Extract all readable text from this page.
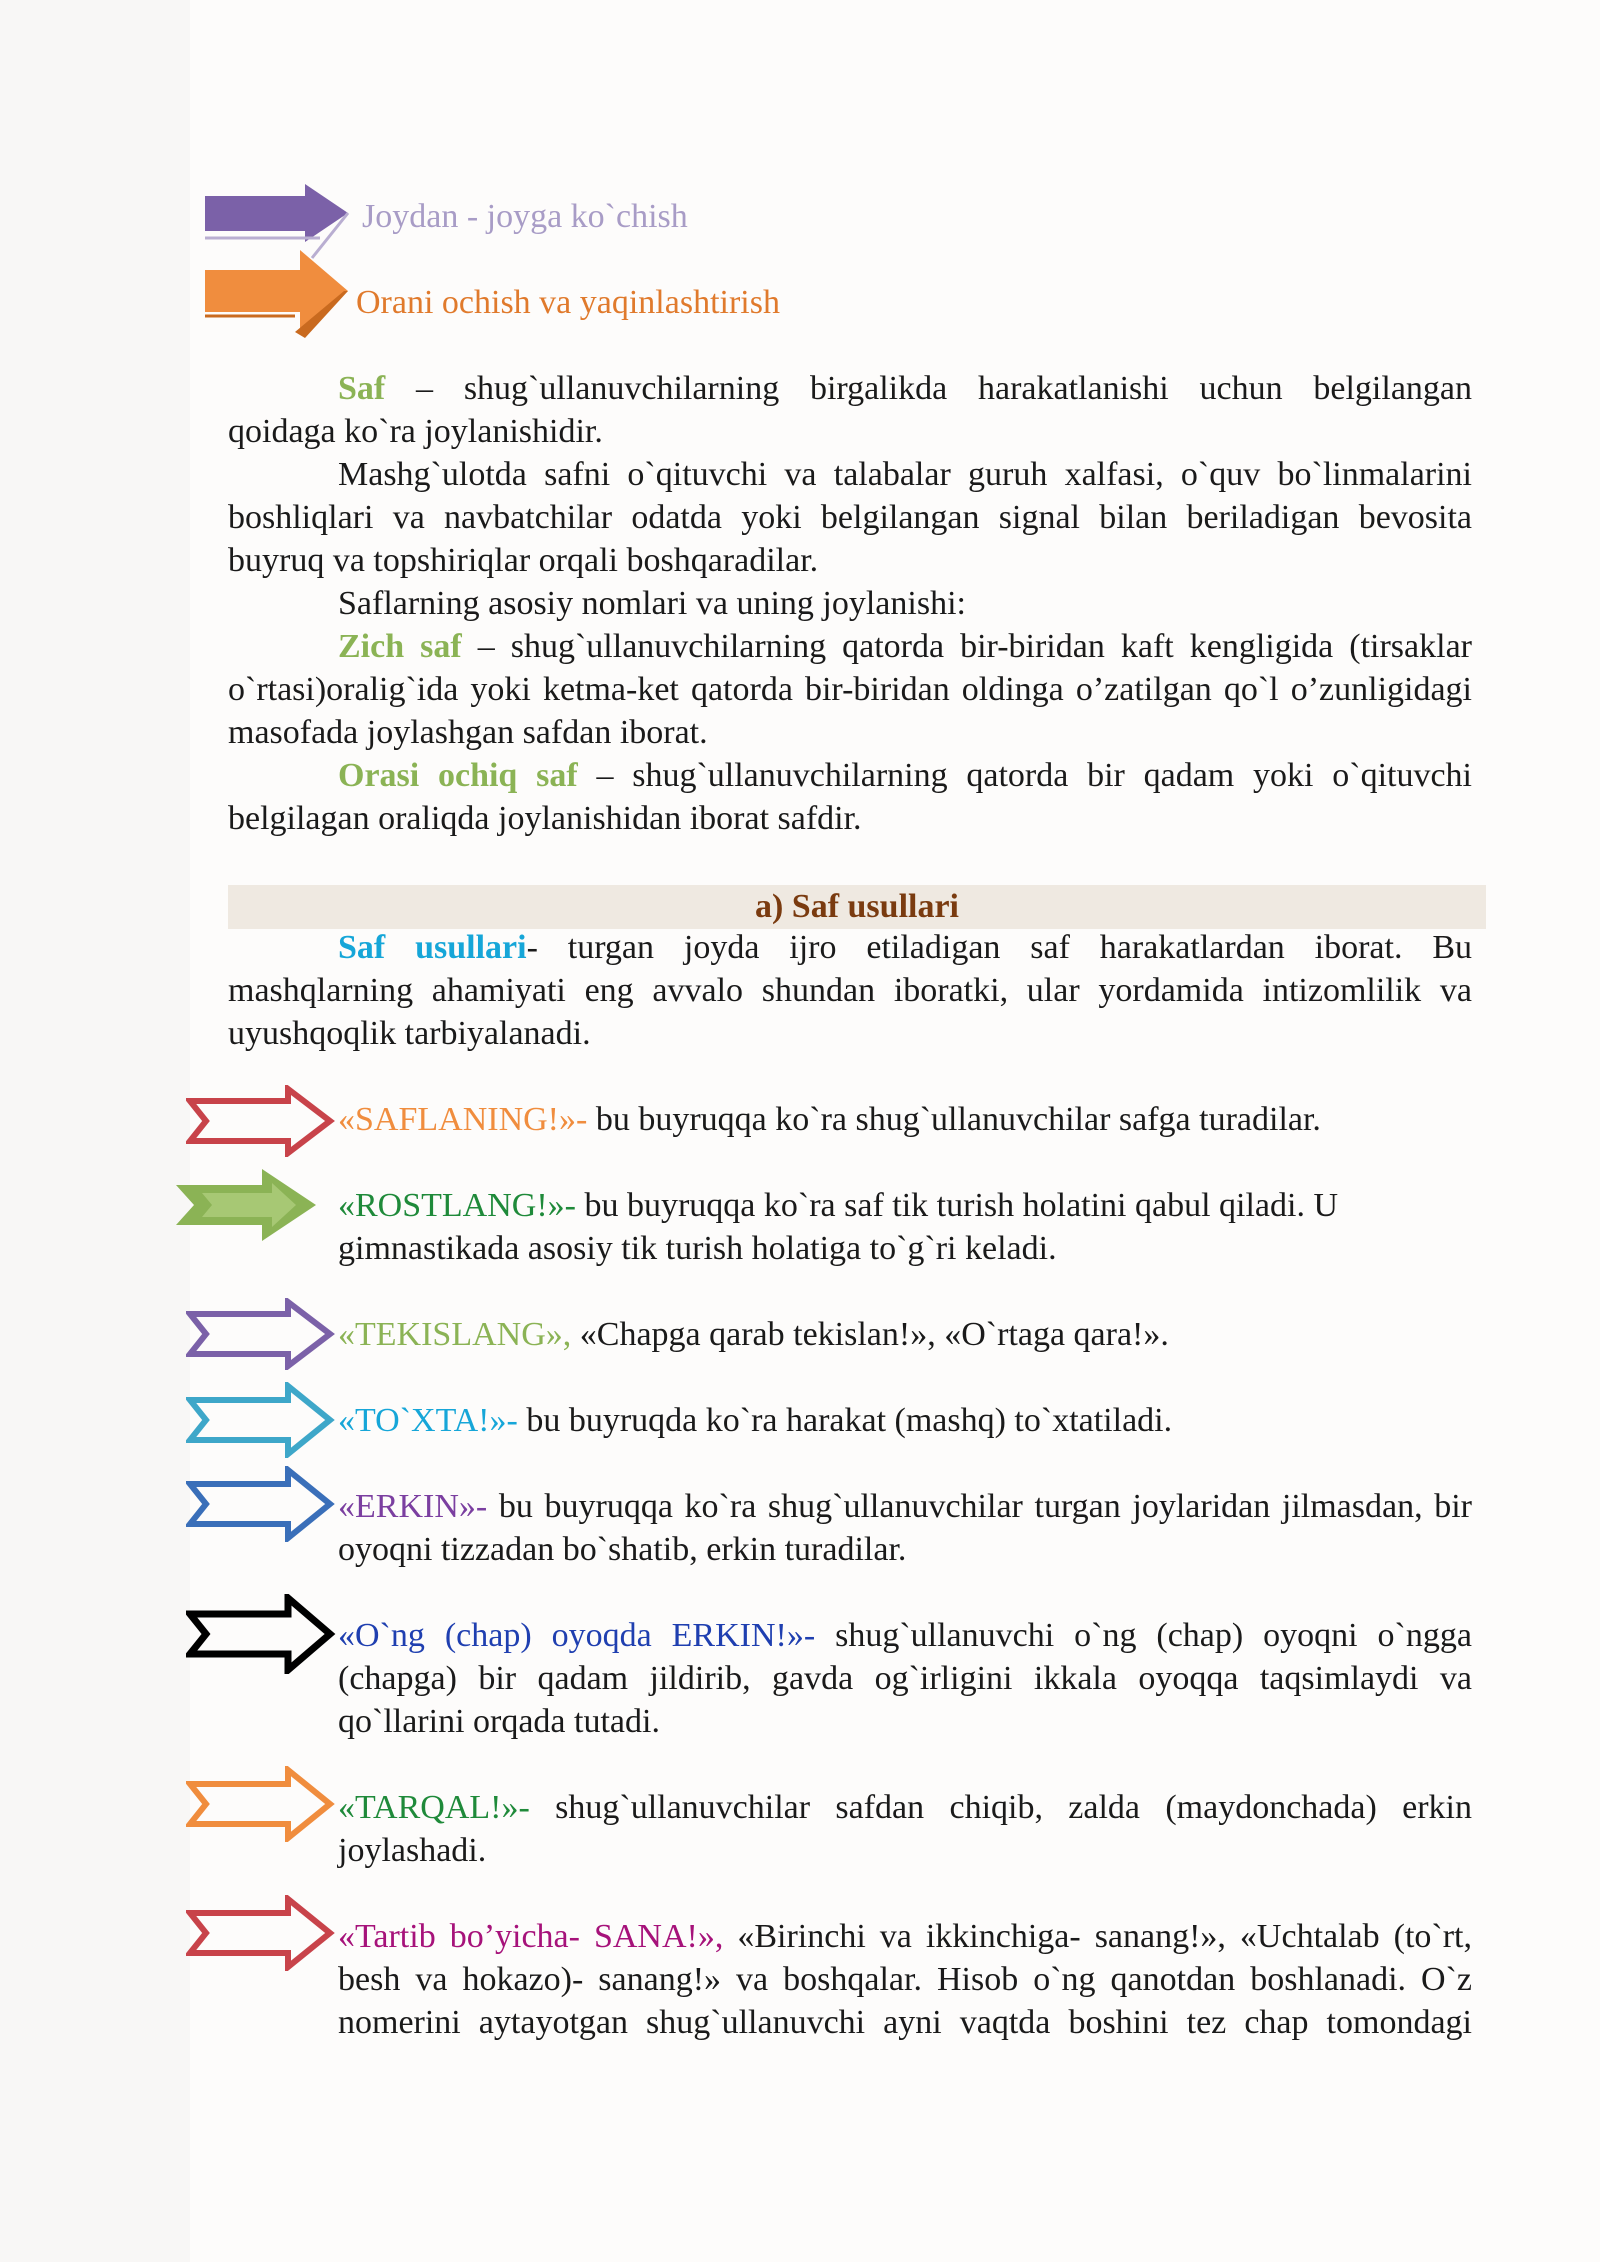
Joydan - joyga ko`chish
Orani ochish va yaqinlashtirish
Saf – shug`ullanuvchilarning birgalikda harakatlanishi uchun belgilangan
qoidaga ko`ra joylanishidir.
Mashg`ulotda safni o`qituvchi va talabalar guruh xalfasi, o`quv bo`linmalarini
boshliqlari va navbatchilar odatda yoki belgilangan signal bilan beriladigan bevosita
buyruq va topshiriqlar orqali boshqaradilar.
Saflarning asosiy nomlari va uning joylanishi:
Zich saf – shug`ullanuvchilarning qatorda bir-biridan kaft kengligida (tirsaklar
o`rtasi)oralig`ida yoki ketma-ket qatorda bir-biridan oldinga o’zatilgan qo`l o’zunligidagi
masofada joylashgan safdan iborat.
Orasi ochiq saf – shug`ullanuvchilarning qatorda bir qadam yoki o`qituvchi
belgilagan oraliqda joylanishidan iborat safdir.
a) Saf usullari
Saf usullari- turgan joyda ijro etiladigan saf harakatlardan iborat. Bu
mashqlarning ahamiyati eng avvalo shundan iboratki, ular yordamida intizomlilik va
uyushqoqlik tarbiyalanadi.
«SAFLANING!»- bu buyruqqa ko`ra shug`ullanuvchilar safga turadilar.
«ROSTLANG!»- bu buyruqqa ko`ra saf tik turish holatini qabul qiladi. U
gimnastikada asosiy tik turish holatiga to`g`ri keladi.
«TEKISLANG», «Chapga qarab tekislan!», «O`rtaga qara!».
«TO`XTA!»- bu buyruqda ko`ra harakat (mashq) to`xtatiladi.
«ERKIN»- bu buyruqqa ko`ra shug`ullanuvchilar turgan joylaridan jilmasdan, bir
oyoqni tizzadan bo`shatib, erkin turadilar.
«O`ng (chap) oyoqda ERKIN!»- shug`ullanuvchi o`ng (chap) oyoqni o`ngga
(chapga) bir qadam jildirib, gavda og`irligini ikkala oyoqqa taqsimlaydi va
qo`llarini orqada tutadi.
«TARQAL!»- shug`ullanuvchilar safdan chiqib, zalda (maydonchada) erkin
joylashadi.
«Tartib bo’yicha- SANA!», «Birinchi va ikkinchiga- sanang!», «Uchtalab (to`rt,
besh va hokazo)- sanang!» va boshqalar. Hisob o`ng qanotdan boshlanadi. O`z
nomerini aytayotgan shug`ullanuvchi ayni vaqtda boshini tez chap tomondagi
